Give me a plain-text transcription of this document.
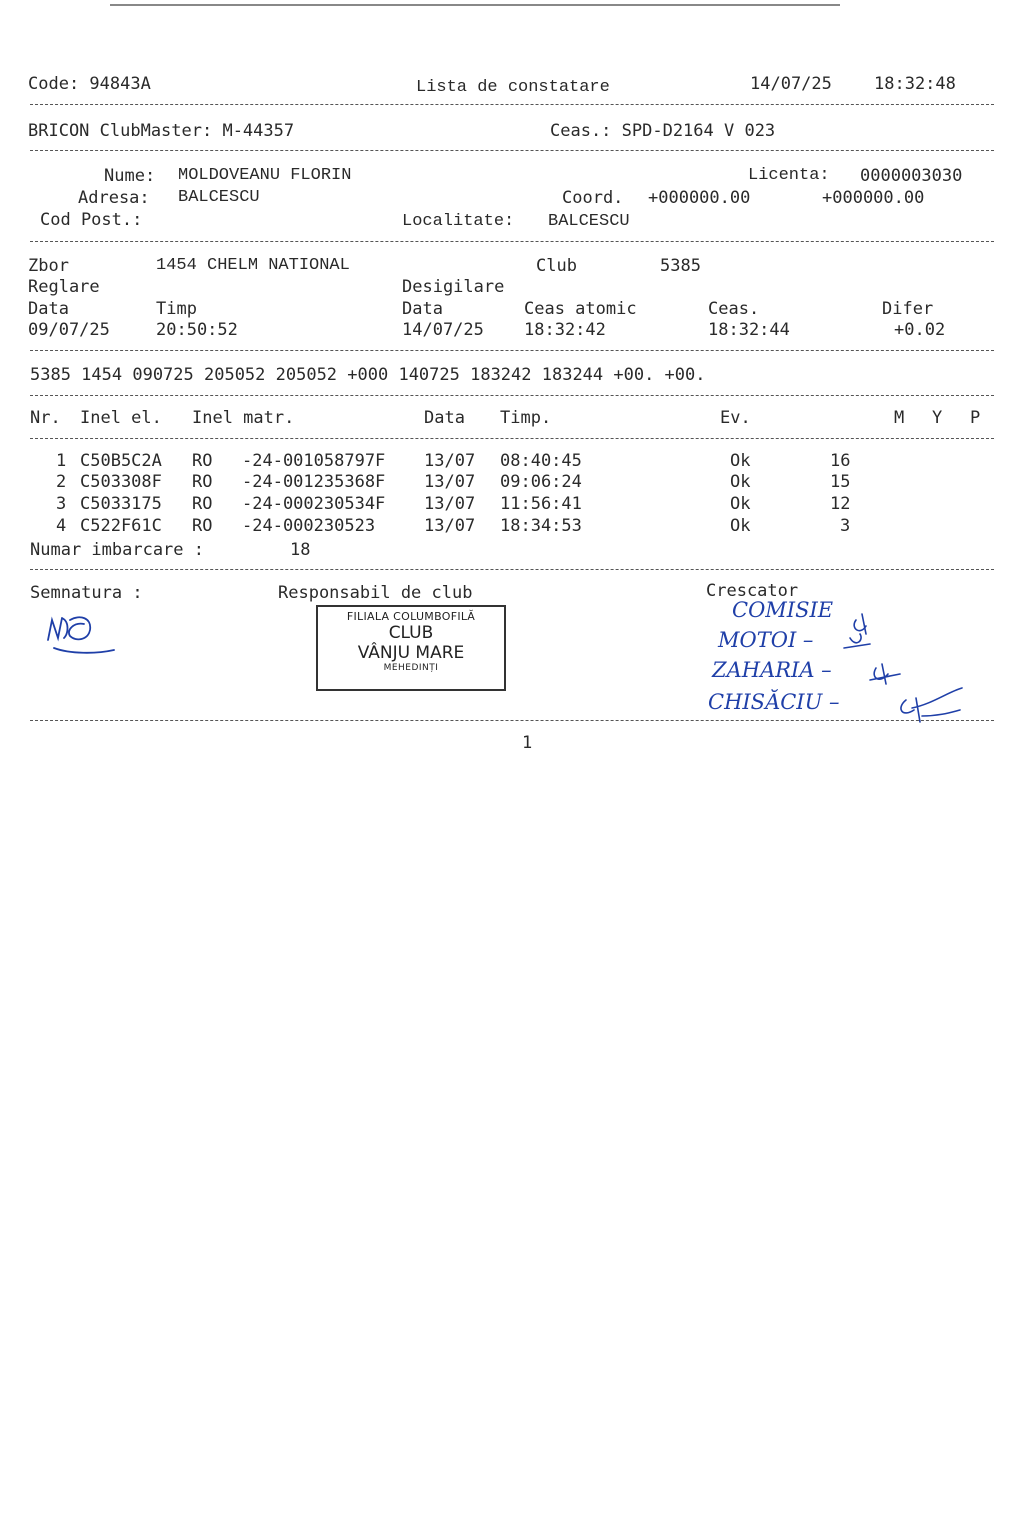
Code: 94843A	Lista de constatare	14/07/25 18:32:48
BRICON ClubMaster: M-44357	Ceas.: SPD-D2164 V 023
Nume: MOLDOVEANU FLORIN	Licenta: 0000003030
Adresa: BALCESCU	Coord. +000000.00	+000000.00
Cod Post.:	Localitate: BALCESCU
Zbor	1454 CHELM NATIONAL	Club	5385
Reglare	Desigilare
Data	Timp	Data	Ceas atomic	Ceas.	Difer
09/07/25	20:50:52	14/07/25 18:32:42	18:32:44	+0.02
5385 1454 090725 205052 205052 +000 140725 183242 183244 +00. +00.
Nr. Inel el. Inel matr.	Data Timp.	Ev.	M Y P
1 C50B5C2A RO -24-001058797F 13/07 08:40:45	Ok	16
2 C503308F RO -24-001235368F 13/07 09:06:24	Ok	15
3 C5033175 RO -24-000230534F 13/07 11:56:41	Ok	12
4 C522F61C RO -24-000230523	13/07 18:34:53	Ok	3
Numar imbarcare :	18
Semnatura :	Responsabil de club	Crescator
FILIALA COLUMBOFILĂ
CLUB
VÂNJU MARE
MEHEDINȚI
COMISIE
MOTOI –
ZAHARIA –
CHISĂCIU –
1
